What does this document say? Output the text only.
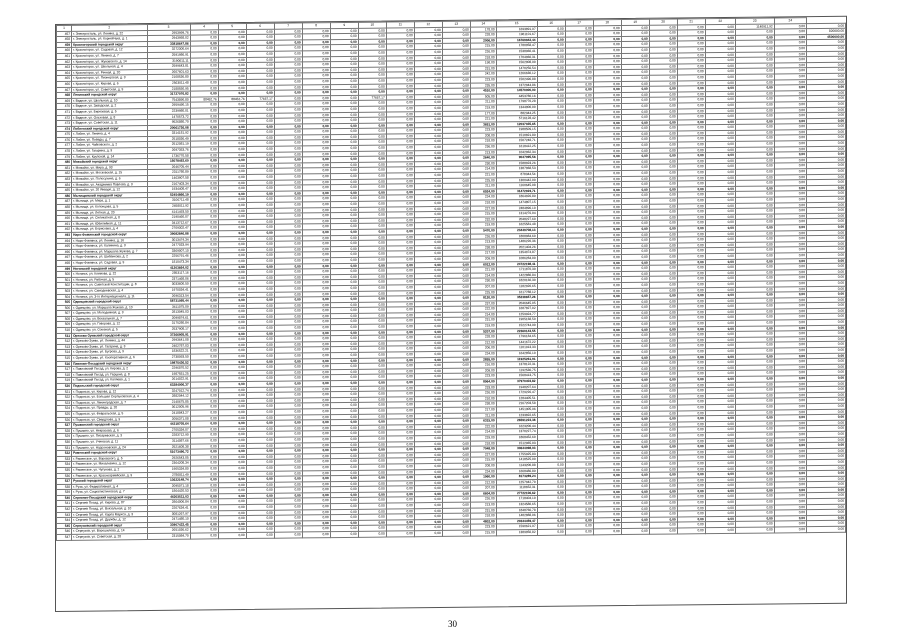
1	2	3	4	5	6	7	8	9	10	11	12	13	14	15	16	17	18	19	20	21	22	23	24	
457	г. Электросталь, ул. Ленина, д. 22	2953999,76	0,00	0,00	0,00	0,00	0,00	0,00	0,00	0,00	0,00	0,00	178,00	1693891,97	0,00	0,00	0,00	0,00	0,00	0,00	0,00	1140911,92	0,00	0,00
458	г. Электросталь, ул. Корнейчука, д. 1	2943958,02	0,00	0,00	0,00	0,00	0,00	0,00	0,00	0,00	0,00	0,00	228,00	1961101,67	0,00	0,00	0,00	0,00	0,00	0,00	0,00	0,00	0,00	820000,00
459	Красногорский городской округ	33818647,86	0,00	0,00	0,00	0,00	0,00	0,00	0,00	0,00	0,00	0,00	2006,00	16769942,44	0,00	0,00	0,00	0,00	0,00	0,00	0,00	0,00	0,00	4500000,00
460	г. Красногорск, ул. Садовая, д. 12	3272300,64	0,00	0,00	0,00	0,00	0,00	0,00	0,00	0,00	0,00	0,00	215,00	1780058,47	0,00	0,00	0,00	0,00	0,00	0,00	0,00	0,00	0,00	0,00
461	г. Красногорск, ул. Ленина, д. 7	2591986,91	0,00	0,00	0,00	0,00	0,00	0,00	0,00	0,00	0,00	0,00	226,00	1538960,41	0,00	0,00	0,00	0,00	0,00	0,00	0,00	0,00	0,00	0,00
462	г. Красногорск, ул. Жуковского, д. 14	3190011,11	0,00	0,00	0,00	0,00	0,00	0,00	0,00	0,00	0,00	0,00	218,00	1704060,31	0,00	0,00	0,00	0,00	0,00	0,00	0,00	0,00	0,00	0,00
463	г. Красногорск, ул. Школьная, д. 4	2599643,81	0,00	0,00	0,00	0,00	0,00	0,00	0,00	0,00	0,00	0,00	198,00	1562008,90	0,00	0,00	0,00	0,00	0,00	0,00	0,00	0,00	0,00	0,00
464	г. Красногорск, ул. Речная, д. 20	2607601,63	0,00	0,00	0,00	0,00	0,00	0,00	0,00	0,00	0,00	0,00	231,00	1470256,54	0,00	0,00	0,00	0,00	0,00	0,00	0,00	0,00	0,00	0,00
465	г. Красногорск, ул. Пионерская, д. 3	2108536,80	0,00	0,00	0,00	0,00	0,00	0,00	0,00	0,00	0,00	0,00	242,00	1266630,12	0,00	0,00	0,00	0,00	0,00	0,00	0,00	0,00	0,00	0,00
466	г. Красногорск, ул. Кирова, д. 6	2563011,48	0,00	0,00	0,00	0,00	0,00	0,00	0,00	0,00	0,00	0,00	223,00	1502496,88	0,00	0,00	0,00	0,00	0,00	0,00	0,00	0,00	0,00	0,00
467	г. Красногорск, ул. Советская, д. 9	2188550,95	0,00	0,00	0,00	0,00	0,00	0,00	0,00	0,00	0,00	0,00	235,00	1372044,86	0,00	0,00	0,00	0,00	0,00	0,00	0,00	0,00	0,00	0,00
468	Ленинский городской округ	31727076,82	0,00	0,00	0,00	0,00	0,00	0,00	0,00	0,00	0,00	0,00	4510,00	14570000,00	0,00	0,00	0,00	0,00	0,00	0,00	0,00	0,00	0,00	0,00
469	г. Видное, ул. Школьная, д. 10	7543890,80	88452,76	88452,76	77667,17	0,00	0,00	0,00	77667,17	0,00	0,00	0,00	505,00	4453780,16	0,00	0,00	0,00	0,00	0,00	0,00	0,00	0,00	0,00	0,00
470	г. Видное, ул. Заводская, д. 2	2959490,15	0,00	0,00	0,00	0,00	0,00	0,00	0,00	0,00	0,00	0,00	211,00	1798770,28	0,00	0,00	0,00	0,00	0,00	0,00	0,00	0,00	0,00	0,00
471	г. Видное, ул. Березовая, д. 5	2239980,01	0,00	0,00	0,00	0,00	0,00	0,00	0,00	0,00	0,00	0,00	219,00	1344000,00	0,00	0,00	0,00	0,00	0,00	0,00	0,00	0,00	0,00	0,00
472	г. Видное, ул. Ольховая, д. 8	1470573,72	0,00	0,00	0,00	0,00	0,00	0,00	0,00	0,00	0,00	0,00	177,00	882344,25	0,00	0,00	0,00	0,00	0,00	0,00	0,00	0,00	0,00	0,00
473	г. Видное, ул. Советская, д. 11	9526880,70	0,00	0,00	0,00	0,00	0,00	0,00	0,00	0,00	0,00	0,00	221,00	5716128,42	0,00	0,00	0,00	0,00	0,00	0,00	0,00	0,00	0,00	0,00
474	Лобненский городской округ	20061726,08	0,00	0,00	0,00	0,00	0,00	0,00	0,00	0,00	0,00	0,00	3651,00	12037035,65	0,00	0,00	0,00	0,00	0,00	0,00	0,00	0,00	0,00	0,00
475	г. Лобня, ул. Ленина, д. 4	3314181,92	0,00	0,00	0,00	0,00	0,00	0,00	0,00	0,00	0,00	0,00	223,00	1988509,15	0,00	0,00	0,00	0,00	0,00	0,00	0,00	0,00	0,00	0,00
476	г. Лобня, ул. Победы, д. 7	2518036,49	0,00	0,00	0,00	0,00	0,00	0,00	0,00	0,00	0,00	0,00	208,00	1510821,89	0,00	0,00	0,00	0,00	0,00	0,00	0,00	0,00	0,00	0,00
477	г. Лобня, ул. Чайковского, д. 2	2512081,19	0,00	0,00	0,00	0,00	0,00	0,00	0,00	0,00	0,00	0,00	218,00	1507248,71	0,00	0,00	0,00	0,00	0,00	0,00	0,00	0,00	0,00	0,00
478	г. Лобня, ул. Гагарина, д. 9	2697353,76	0,00	0,00	0,00	0,00	0,00	0,00	0,00	0,00	0,00	0,00	236,00	1618412,25	0,00	0,00	0,00	0,00	0,00	0,00	0,00	0,00	0,00	0,00
479	г. Лобня, ул. Крупской, д. 14	1736770,58	0,00	0,00	0,00	0,00	0,00	0,00	0,00	0,00	0,00	0,00	213,00	1042062,34	0,00	0,00	0,00	0,00	0,00	0,00	0,00	0,00	0,00	0,00
480	Можайский городской округ	15078492,60	0,00	0,00	0,00	0,00	0,00	0,00	0,00	0,00	0,00	0,00	2640,00	9047095,56	0,00	0,00	0,00	0,00	0,00	0,00	0,00	0,00	0,00	0,00
481	г. Можайск, ул. Мира, д. 93	2646705,44	0,00	0,00	0,00	0,00	0,00	0,00	0,00	0,00	0,00	0,00	230,00	1588023,26	0,00	0,00	0,00	0,00	0,00	0,00	0,00	0,00	0,00	0,00
482	г. Можайск, ул. Московская, д. 15	2311780,89	0,00	0,00	0,00	0,00	0,00	0,00	0,00	0,00	0,00	0,00	214,00	1387068,53	0,00	0,00	0,00	0,00	0,00	0,00	0,00	0,00	0,00	0,00
483	г. Можайск, ул. Полосухина, д. 6	1463907,58	0,00	0,00	0,00	0,00	0,00	0,00	0,00	0,00	0,00	0,00	221,00	878344,54	0,00	0,00	0,00	0,00	0,00	0,00	0,00	0,00	0,00	0,00
484	г. Можайск, ул. Академика Павлова, д. 3	2167403,34	0,00	0,00	0,00	0,00	0,00	0,00	0,00	0,00	0,00	0,00	225,00	1300442,00	0,00	0,00	0,00	0,00	0,00	0,00	0,00	0,00	0,00	0,00
485	г. Можайск, ул. 20 Января, д. 12	1934408,47	0,00	0,00	0,00	0,00	0,00	0,00	0,00	0,00	0,00	0,00	211,00	1160645,08	0,00	0,00	0,00	0,00	0,00	0,00	0,00	0,00	0,00	0,00
486	Мытищинский городской округ	52454866,19	0,00	0,00	0,00	0,00	0,00	0,00	0,00	0,00	0,00	0,00	6924,00	31472919,71	0,00	0,00	0,00	0,00	0,00	0,00	0,00	0,00	0,00	0,00
487	г. Мытищи, ул. Мира, д. 1	3106711,48	0,00	0,00	0,00	0,00	0,00	0,00	0,00	0,00	0,00	0,00	224,00	1864026,89	0,00	0,00	0,00	0,00	0,00	0,00	0,00	0,00	0,00	0,00
488	г. Мытищи, ул. Колонцова, д. 5	2458011,92	0,00	0,00	0,00	0,00	0,00	0,00	0,00	0,00	0,00	0,00	218,00	1474807,15	0,00	0,00	0,00	0,00	0,00	0,00	0,00	0,00	0,00	0,00
489	г. Мытищи, ул. Летная, д. 20	4141493,50	0,00	0,00	0,00	0,00	0,00	0,00	0,00	0,00	0,00	0,00	227,00	2484896,10	0,00	0,00	0,00	0,00	0,00	0,00	0,00	0,00	0,00	0,00
490	г. Мытищи, ул. Силикатная, д. 8	2190460,07	0,00	0,00	0,00	0,00	0,00	0,00	0,00	0,00	0,00	0,00	215,00	1314276,04	0,00	0,00	0,00	0,00	0,00	0,00	0,00	0,00	0,00	0,00
491	г. Мытищи, ул. Юбилейная, д. 11	3413712,67	0,00	0,00	0,00	0,00	0,00	0,00	0,00	0,00	0,00	0,00	232,00	2048227,60	0,00	0,00	0,00	0,00	0,00	0,00	0,00	0,00	0,00	0,00
492	г. Мытищи, ул. Борисовка, д. 4	2709302,47	0,00	0,00	0,00	0,00	0,00	0,00	0,00	0,00	0,00	0,00	219,00	1625581,48	0,00	0,00	0,00	0,00	0,00	0,00	0,00	0,00	0,00	0,00
493	Наро-Фоминский городской округ	39082846,88	0,00	0,00	0,00	0,00	0,00	0,00	0,00	0,00	0,00	0,00	5470,00	23449708,13	0,00	0,00	0,00	0,00	0,00	0,00	0,00	0,00	0,00	0,00
494	г. Наро-Фоминск, ул. Ленина, д. 16	3013474,34	0,00	0,00	0,00	0,00	0,00	0,00	0,00	0,00	0,00	0,00	226,00	1808084,60	0,00	0,00	0,00	0,00	0,00	0,00	0,00	0,00	0,00	0,00
495	г. Наро-Фоминск, ул. Калинина, д. 3	2477033,94	0,00	0,00	0,00	0,00	0,00	0,00	0,00	0,00	0,00	0,00	213,00	1486220,36	0,00	0,00	0,00	0,00	0,00	0,00	0,00	0,00	0,00	0,00
496	г. Наро-Фоминск, ул. Маршала Жукова, д. 7	3369007,10	0,00	0,00	0,00	0,00	0,00	0,00	0,00	0,00	0,00	0,00	238,00	2021404,26	0,00	0,00	0,00	0,00	0,00	0,00	0,00	0,00	0,00	0,00
497	г. Наро-Фоминск, ул. Шибанкова, д. 2	2256791,46	0,00	0,00	0,00	0,00	0,00	0,00	0,00	0,00	0,00	0,00	217,00	1354074,87	0,00	0,00	0,00	0,00	0,00	0,00	0,00	0,00	0,00	0,00
498	г. Наро-Фоминск, ул. Садовая, д. 9	1810473,34	0,00	0,00	0,00	0,00	0,00	0,00	0,00	0,00	0,00	0,00	209,00	1086284,00	0,00	0,00	0,00	0,00	0,00	0,00	0,00	0,00	0,00	0,00
499	Ногинский городской округ	41203664,02	0,00	0,00	0,00	0,00	0,00	0,00	0,00	0,00	0,00	0,00	6012,00	24722198,41	0,00	0,00	0,00	0,00	0,00	0,00	0,00	0,00	0,00	0,00
500	г. Ногинск, ул. Климова, д. 22	2853117,16	0,00	0,00	0,00	0,00	0,00	0,00	0,00	0,00	0,00	0,00	221,00	1711870,30	0,00	0,00	0,00	0,00	0,00	0,00	0,00	0,00	0,00	0,00
501	г. Ногинск, ул. Рабочая, д. 5	2371468,06	0,00	0,00	0,00	0,00	0,00	0,00	0,00	0,00	0,00	0,00	214,00	1422880,84	0,00	0,00	0,00	0,00	0,00	0,00	0,00	0,00	0,00	0,00
502	г. Ногинск, ул. Советской Конституции, д. 8	3033600,50	0,00	0,00	0,00	0,00	0,00	0,00	0,00	0,00	0,00	0,00	230,00	1820160,30	0,00	0,00	0,00	0,00	0,00	0,00	0,00	0,00	0,00	0,00
503	г. Ногинск, ул. Самодеевская, д. 4	1970034,41	0,00	0,00	0,00	0,00	0,00	0,00	0,00	0,00	0,00	0,00	207,00	1182020,65	0,00	0,00	0,00	0,00	0,00	0,00	0,00	0,00	0,00	0,00
504	г. Ногинск, ул. 3-го Интернационала, д. 11	2696313,54	0,00	0,00	0,00	0,00	0,00	0,00	0,00	0,00	0,00	0,00	225,00	1617788,12	0,00	0,00	0,00	0,00	0,00	0,00	0,00	0,00	0,00	0,00
505	Одинцовский городской округ	58731095,44	0,00	0,00	0,00	0,00	0,00	0,00	0,00	0,00	0,00	0,00	8120,00	35238657,26	0,00	0,00	0,00	0,00	0,00	0,00	0,00	0,00	0,00	0,00
506	г. Одинцово, ул. Маршала Жукова, д. 10	3411075,09	0,00	0,00	0,00	0,00	0,00	0,00	0,00	0,00	0,00	0,00	237,00	2046645,05	0,00	0,00	0,00	0,00	0,00	0,00	0,00	0,00	0,00	0,00
507	г. Одинцово, ул. Молодежная, д. 3	2813045,03	0,00	0,00	0,00	0,00	0,00	0,00	0,00	0,00	0,00	0,00	222,00	1687827,02	0,00	0,00	0,00	0,00	0,00	0,00	0,00	0,00	0,00	0,00
508	г. Одинцово, ул. Вокзальная, д. 7	2099874,61	0,00	0,00	0,00	0,00	0,00	0,00	0,00	0,00	0,00	0,00	214,00	1259924,77	0,00	0,00	0,00	0,00	0,00	0,00	0,00	0,00	0,00	0,00
509	г. Одинцово, ул. Говорова, д. 12	3175280,84	0,00	0,00	0,00	0,00	0,00	0,00	0,00	0,00	0,00	0,00	231,00	1905168,50	0,00	0,00	0,00	0,00	0,00	0,00	0,00	0,00	0,00	0,00
510	г. Одинцово, ул. Союзная, д. 5	2537908,17	0,00	0,00	0,00	0,00	0,00	0,00	0,00	0,00	0,00	0,00	219,00	1522744,90	0,00	0,00	0,00	0,00	0,00	0,00	0,00	0,00	0,00	0,00
511	Орехово-Зуевский городской округ	37266905,91	0,00	0,00	0,00	0,00	0,00	0,00	0,00	0,00	0,00	0,00	5207,00	22360143,55	0,00	0,00	0,00	0,00	0,00	0,00	0,00	0,00	0,00	0,00
512	г. Орехово-Зуево, ул. Ленина, д. 44	2993641,08	0,00	0,00	0,00	0,00	0,00	0,00	0,00	0,00	0,00	0,00	228,00	1796184,65	0,00	0,00	0,00	0,00	0,00	0,00	0,00	0,00	0,00	0,00
513	г. Орехово-Зуево, ул. Гагарина, д. 3	2402787,03	0,00	0,00	0,00	0,00	0,00	0,00	0,00	0,00	0,00	0,00	212,00	1441672,22	0,00	0,00	0,00	0,00	0,00	0,00	0,00	0,00	0,00	0,00
514	г. Орехово-Зуево, ул. Бугрова, д. 9	1836522,21	0,00	0,00	0,00	0,00	0,00	0,00	0,00	0,00	0,00	0,00	206,00	1101913,33	0,00	0,00	0,00	0,00	0,00	0,00	0,00	0,00	0,00	0,00
515	г. Орехово-Зуево, ул. Кооперативная, д. 6	2738093,50	0,00	0,00	0,00	0,00	0,00	0,00	0,00	0,00	0,00	0,00	224,00	1642856,10	0,00	0,00	0,00	0,00	0,00	0,00	0,00	0,00	0,00	0,00
516	Павлово-Посадский городской округ	19875436,52	0,00	0,00	0,00	0,00	0,00	0,00	0,00	0,00	0,00	0,00	2855,00	11925261,91	0,00	0,00	0,00	0,00	0,00	0,00	0,00	0,00	0,00	0,00
517	г. Павловский Посад, ул. Кирова, д. 2	2296870,52	0,00	0,00	0,00	0,00	0,00	0,00	0,00	0,00	0,00	0,00	216,00	1378122,31	0,00	0,00	0,00	0,00	0,00	0,00	0,00	0,00	0,00	0,00
518	г. Павловский Посад, ул. Герцена, д. 8	1987551,25	0,00	0,00	0,00	0,00	0,00	0,00	0,00	0,00	0,00	0,00	209,00	1192530,75	0,00	0,00	0,00	0,00	0,00	0,00	0,00	0,00	0,00	0,00
519	г. Павловский Посад, ул. Каляева, д. 1	2614022,91	0,00	0,00	0,00	0,00	0,00	0,00	0,00	0,00	0,00	0,00	223,00	1568413,75	0,00	0,00	0,00	0,00	0,00	0,00	0,00	0,00	0,00	0,00
520	Подольский городской округ	63284006,37	0,00	0,00	0,00	0,00	0,00	0,00	0,00	0,00	0,00	0,00	8964,00	37970403,82	0,00	0,00	0,00	0,00	0,00	0,00	0,00	0,00	0,00	0,00
521	г. Подольск, ул. Кирова, д. 12	3247012,74	0,00	0,00	0,00	0,00	0,00	0,00	0,00	0,00	0,00	0,00	233,00	1948207,64	0,00	0,00	0,00	0,00	0,00	0,00	0,00	0,00	0,00	0,00
522	г. Подольск, ул. Большая Серпуховская, д. 4	2882044,12	0,00	0,00	0,00	0,00	0,00	0,00	0,00	0,00	0,00	0,00	226,00	1729226,47	0,00	0,00	0,00	0,00	0,00	0,00	0,00	0,00	0,00	0,00
523	г. Подольск, ул. Ленинградская, д. 7	2140675,85	0,00	0,00	0,00	0,00	0,00	0,00	0,00	0,00	0,00	0,00	210,00	1284405,51	0,00	0,00	0,00	0,00	0,00	0,00	0,00	0,00	0,00	0,00
524	г. Подольск, ул. Правды, д. 20	3612005,96	0,00	0,00	0,00	0,00	0,00	0,00	0,00	0,00	0,00	0,00	238,00	2167203,58	0,00	0,00	0,00	0,00	0,00	0,00	0,00	0,00	0,00	0,00
525	г. Подольск, ул. Февральская, д. 5	2418843,27	0,00	0,00	0,00	0,00	0,00	0,00	0,00	0,00	0,00	0,00	217,00	1451305,96	0,00	0,00	0,00	0,00	0,00	0,00	0,00	0,00	0,00	0,00
526	г. Подольск, ул. Свердлова, д. 9	2056371,08	0,00	0,00	0,00	0,00	0,00	0,00	0,00	0,00	0,00	0,00	211,00	1233822,65	0,00	0,00	0,00	0,00	0,00	0,00	0,00	0,00	0,00	0,00
527	Пушкинский городской округ	44318705,64	0,00	0,00	0,00	0,00	0,00	0,00	0,00	0,00	0,00	0,00	6315,00	26591223,38	0,00	0,00	0,00	0,00	0,00	0,00	0,00	0,00	0,00	0,00
528	г. Пушкино, ул. Некрасова, д. 6	2705334,07	0,00	0,00	0,00	0,00	0,00	0,00	0,00	0,00	0,00	0,00	222,00	1623200,44	0,00	0,00	0,00	0,00	0,00	0,00	0,00	0,00	0,00	0,00
529	г. Пушкино, ул. Писаревская, д. 3	2283712,90	0,00	0,00	0,00	0,00	0,00	0,00	0,00	0,00	0,00	0,00	214,00	1370227,74	0,00	0,00	0,00	0,00	0,00	0,00	0,00	0,00	0,00	0,00
530	г. Пушкино, ул. Учинская, д. 11	3114087,66	0,00	0,00	0,00	0,00	0,00	0,00	0,00	0,00	0,00	0,00	229,00	1868452,60	0,00	0,00	0,00	0,00	0,00	0,00	0,00	0,00	0,00	0,00
531	г. Пушкино, ул. Надсоновская, д. 24	2521608,38	0,00	0,00	0,00	0,00	0,00	0,00	0,00	0,00	0,00	0,00	218,00	1512965,03	0,00	0,00	0,00	0,00	0,00	0,00	0,00	0,00	0,00	0,00
532	Раменский городской округ	51073496,72	0,00	0,00	0,00	0,00	0,00	0,00	0,00	0,00	0,00	0,00	7048,00	30644098,03	0,00	0,00	0,00	0,00	0,00	0,00	0,00	0,00	0,00	0,00
533	г. Раменское, ул. Воровского, д. 5	2926543,05	0,00	0,00	0,00	0,00	0,00	0,00	0,00	0,00	0,00	0,00	227,00	1755925,83	0,00	0,00	0,00	0,00	0,00	0,00	0,00	0,00	0,00	0,00
534	г. Раменское, ул. Михалевича, д. 12	2364208,34	0,00	0,00	0,00	0,00	0,00	0,00	0,00	0,00	0,00	0,00	215,00	1418525,00	0,00	0,00	0,00	0,00	0,00	0,00	0,00	0,00	0,00	0,00
535	г. Раменское, ул. Чугунова, д. 2	1905334,80	0,00	0,00	0,00	0,00	0,00	0,00	0,00	0,00	0,00	0,00	208,00	1143200,88	0,00	0,00	0,00	0,00	0,00	0,00	0,00	0,00	0,00	0,00
536	г. Раменское, ул. Красноармейская, д. 9	2780811,49	0,00	0,00	0,00	0,00	0,00	0,00	0,00	0,00	0,00	0,00	224,00	1668486,89	0,00	0,00	0,00	0,00	0,00	0,00	0,00	0,00	0,00	0,00
537	Рузский городской округ	13622148,74	0,00	0,00	0,00	0,00	0,00	0,00	0,00	0,00	0,00	0,00	1960,00	8173289,24	0,00	0,00	0,00	0,00	0,00	0,00	0,00	0,00	0,00	0,00
538	г. Руза, ул. Федеративная, д. 4	2095071,18	0,00	0,00	0,00	0,00	0,00	0,00	0,00	0,00	0,00	0,00	212,00	1257042,70	0,00	0,00	0,00	0,00	0,00	0,00	0,00	0,00	0,00	0,00
539	г. Руза, ул. Социалистическая, д. 7	1864420,53	0,00	0,00	0,00	0,00	0,00	0,00	0,00	0,00	0,00	0,00	207,00	1118652,31	0,00	0,00	0,00	0,00	0,00	0,00	0,00	0,00	0,00	0,00
540	Сергиево-Посадский городской округ	46203511,03	0,00	0,00	0,00	0,00	0,00	0,00	0,00	0,00	0,00	0,00	6604,00	27722106,62	0,00	0,00	0,00	0,00	0,00	0,00	0,00	0,00	0,00	0,00
541	г. Сергиев Посад, ул. Кирова, д. 87	2864006,84	0,00	0,00	0,00	0,00	0,00	0,00	0,00	0,00	0,00	0,00	226,00	1718404,10	0,00	0,00	0,00	0,00	0,00	0,00	0,00	0,00	0,00	0,00
542	г. Сергиев Посад, ул. Вокзальная, д. 10	2207634,41	0,00	0,00	0,00	0,00	0,00	0,00	0,00	0,00	0,00	0,00	213,00	1324580,65	0,00	0,00	0,00	0,00	0,00	0,00	0,00	0,00	0,00	0,00
543	г. Сергиев Посад, ул. Карла Маркса, д. 3	3081267,97	0,00	0,00	0,00	0,00	0,00	0,00	0,00	0,00	0,00	0,00	231,00	1848760,78	0,00	0,00	0,00	0,00	0,00	0,00	0,00	0,00	0,00	0,00
544	г. Сергиев Посад, ул. Дружбы, д. 12	2471480,10	0,00	0,00	0,00	0,00	0,00	0,00	0,00	0,00	0,00	0,00	218,00	1482888,06	0,00	0,00	0,00	0,00	0,00	0,00	0,00	0,00	0,00	0,00
545	Серпуховский городской округ	33907432,45	0,00	0,00	0,00	0,00	0,00	0,00	0,00	0,00	0,00	0,00	4802,00	20344459,47	0,00	0,00	0,00	0,00	0,00	0,00	0,00	0,00	0,00	0,00
546	г. Серпухов, ул. Ворошилова, д. 14	2651036,62	0,00	0,00	0,00	0,00	0,00	0,00	0,00	0,00	0,00	0,00	223,00	1590621,97	0,00	0,00	0,00	0,00	0,00	0,00	0,00	0,00	0,00	0,00
547	г. Серпухов, ул. Советская, д. 28	2315084,70	0,00	0,00	0,00	0,00	0,00	0,00	0,00	0,00	0,00	0,00	215,00	1389050,82	0,00	0,00	0,00	0,00	0,00	0,00	0,00	0,00	0,00	0,00
30
